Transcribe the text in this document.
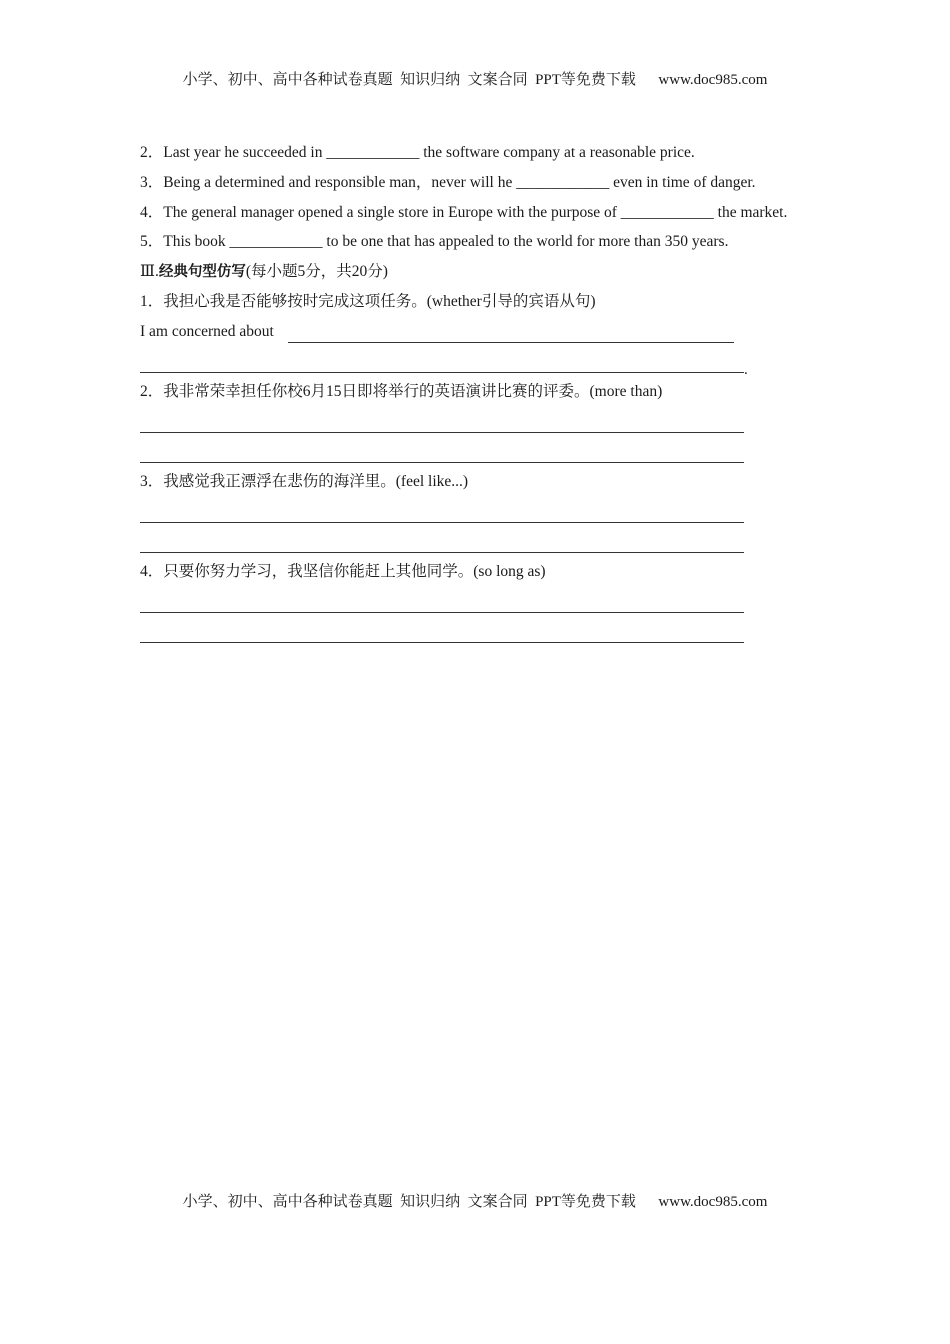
小学、初中、高中各种试卷真题  知识归纳  文案合同  PPT等免费下载      www.doc985.com
2．Last year he succeeded in ____________ the software company at a reasonable price.
3．Being a determined and responsible man，never will he ____________ even in time of danger.
4．The general manager opened a single store in Europe with the purpose of ____________ the market.
5．This book ____________ to be one that has appealed to the world for more than 350 years.
Ⅲ.经典句型仿写(每小题5分，共20分)
1．我担心我是否能够按时完成这项任务。(whether引导的宾语从句)
I am concerned about
.
2．我非常荣幸担任你校6月15日即将举行的英语演讲比赛的评委。(more than)
3．我感觉我正漂浮在悲伤的海洋里。(feel like...)
4．只要你努力学习，我坚信你能赶上其他同学。(so long as)
小学、初中、高中各种试卷真题  知识归纳  文案合同  PPT等免费下载      www.doc985.com
